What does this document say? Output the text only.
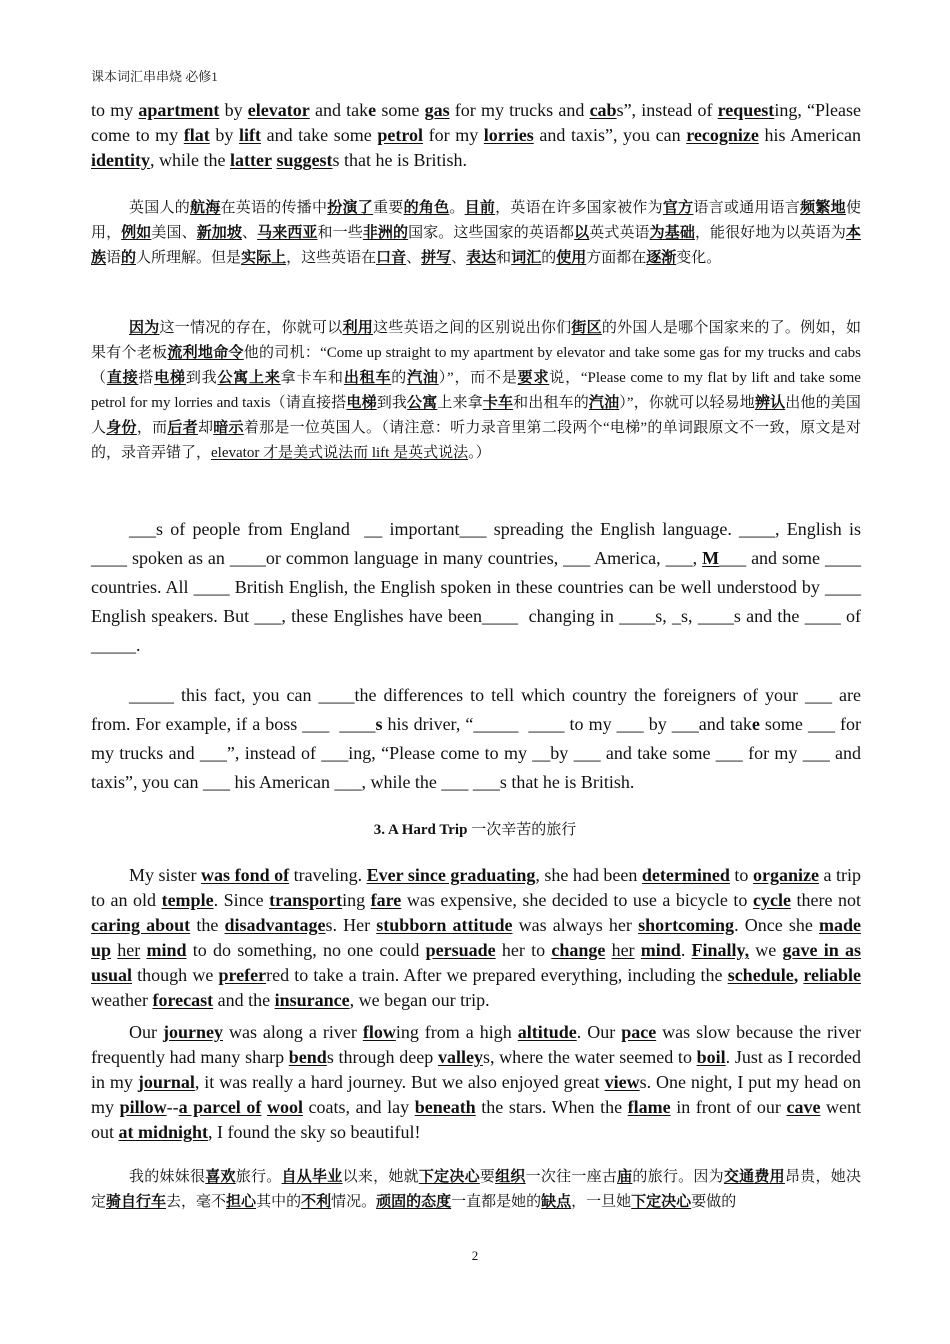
课本词汇串串烧 必修1
to my apartment by elevator and take some gas for my trucks and cabs”, instead of requesting, “Please come to my flat by lift and take some petrol for my lorries and taxis”, you can recognize his American identity, while the latter suggests that he is British.
英国人的航海在英语的传播中扮演了重要的角色。目前，英语在许多国家被作为官方语言或通用语言频繁地使用，例如美国、新加坡、马来西亚和一些非洲的国家。这些国家的英语都以英式英语为基础，能很好地为以英语为本族语的人所理解。但是实际上，这些英语在口音、拼写、表达和词汇的使用方面都在逐渐变化。
因为这一情况的存在，你就可以利用这些英语之间的区别说出你们街区的外国人是哪个国家来的了。例如，如果有个老板流利地命令他的司机：“Come up straight to my apartment by elevator and take some gas for my trucks and cabs（直接搭电梯到我公寓上来拿卡车和出租车的汽油）”，而不是要求说，“Please come to my flat by lift and take some petrol for my lorries and taxis（请直接搭电梯到我公寓上来拿卡车和出租车的汽油）”，你就可以轻易地辨认出他的美国人身份，而后者却暗示着那是一位英国人。（请注意：听力录音里第二段两个“电梯”的单词跟原文不一致，原文是对的，录音弄错了，elevator 才是美式说法而 lift 是英式说法。）
___s of people from England  __ important___ spreading the English language. ____, English is ____ spoken as an ____or common language in many countries, ___ America, ___, M___ and some ____ countries. All ____ British English, the English spoken in these countries can be well understood by ____ English speakers. But ___, these Englishes have been____  changing in ____s, _s, ____s and the ____ of _____.
_____ this fact, you can ____the differences to tell which country the foreigners of your ___ are from. For example, if a boss ___  ____s his driver, “_____  ____ to my ___ by ___and take some ___ for my trucks and ___”, instead of ___ing, “Please come to my __by ___ and take some ___ for my ___ and taxis”, you can ___ his American ___, while the ___ ___s that he is British.
3. A Hard Trip 一次辛苦的旅行
My sister was fond of traveling. Ever since graduating, she had been determined to organize a trip to an old temple. Since transporting fare was expensive, she decided to use a bicycle to cycle there not caring about the disadvantages. Her stubborn attitude was always her shortcoming. Once she made up her mind to do something, no one could persuade her to change her mind. Finally, we gave in as usual though we preferred to take a train. After we prepared everything, including the schedule, reliable weather forecast and the insurance, we began our trip.
Our journey was along a river flowing from a high altitude. Our pace was slow because the river frequently had many sharp bends through deep valleys, where the water seemed to boil. Just as I recorded in my journal, it was really a hard journey. But we also enjoyed great views. One night, I put my head on my pillow--a parcel of wool coats, and lay beneath the stars. When the flame in front of our cave went out at midnight, I found the sky so beautiful!
我的妹妹很喜欢旅行。自从毕业以来，她就下定决心要组织一次往一座古庙的旅行。因为交通费用昂贵，她决定骑自行车去，毫不担心其中的不利情况。顽固的态度一直都是她的缺点，一旦她下定决心要做的
2
